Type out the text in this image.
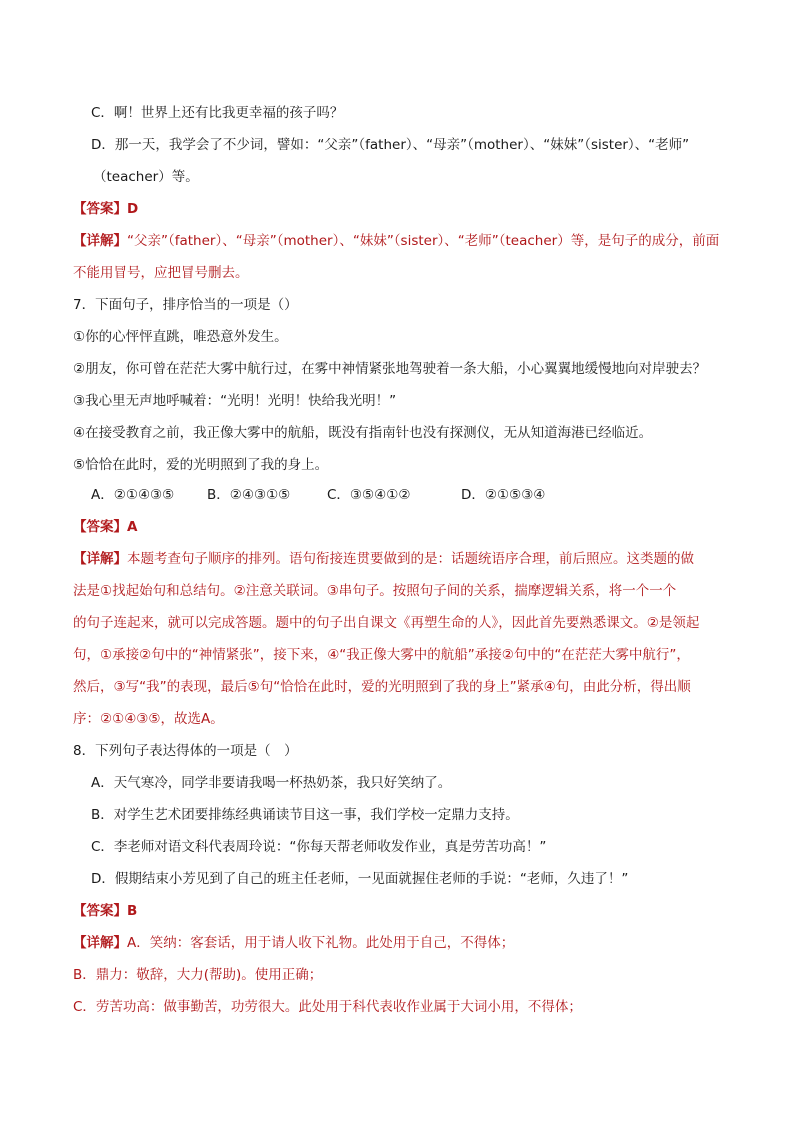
C．啊！世界上还有比我更幸福的孩子吗？
D．那一天，我学会了不少词，譬如：“父亲”（father）、“母亲”（mother）、“妹妹”（sister）、“老师”
（teacher）等。
【答案】D
【详解】“父亲”（father）、“母亲”（mother）、“妹妹”（sister）、“老师”（teacher）等，是句子的成分，前面
不能用冒号，应把冒号删去。
7．下面句子，排序恰当的一项是（）
①你的心怦怦直跳，唯恐意外发生。
②朋友，你可曾在茫茫大雾中航行过，在雾中神情紧张地驾驶着一条大船，小心翼翼地缓慢地向对岸驶去？
③我心里无声地呼喊着：“光明！光明！快给我光明！”
④在接受教育之前，我正像大雾中的航船，既没有指南针也没有探测仪，无从知道海港已经临近。
⑤恰恰在此时，爱的光明照到了我的身上。
A．②①④③⑤ B．②④③①⑤	C．③⑤④①②	D．②①⑤③④
【答案】A
【详解】本题考查句子顺序的排列。语句衔接连贯要做到的是：话题统语序合理，前后照应。这类题的做
法是①找起始句和总结句。②注意关联词。③串句子。按照句子间的关系，揣摩逻辑关系，将一个一个
的句子连起来，就可以完成答题。题中的句子出自课文《再塑生命的人》，因此首先要熟悉课文。②是领起
句，①承接②句中的“神情紧张”，接下来，④“我正像大雾中的航船”承接②句中的“在茫茫大雾中航行”，
然后，③写“我”的表现，最后⑤句“恰恰在此时，爱的光明照到了我的身上”紧承④句，由此分析，得出顺
序：②①④③⑤，故选A。
8．下列句子表达得体的一项是（　）
A．天气寒冷，同学非要请我喝一杯热奶茶，我只好笑纳了。
B．对学生艺术团要排练经典诵读节目这一事，我们学校一定鼎力支持。
C．李老师对语文科代表周玲说：“你每天帮老师收发作业，真是劳苦功高！”
D．假期结束小芳见到了自己的班主任老师，一见面就握住老师的手说：“老师，久违了！”
【答案】B
【详解】A．笑纳：客套话，用于请人收下礼物。此处用于自己，不得体；
B．鼎力：敬辞，大力(帮助)。使用正确；
C．劳苦功高：做事勤苦，功劳很大。此处用于科代表收作业属于大词小用，不得体；
